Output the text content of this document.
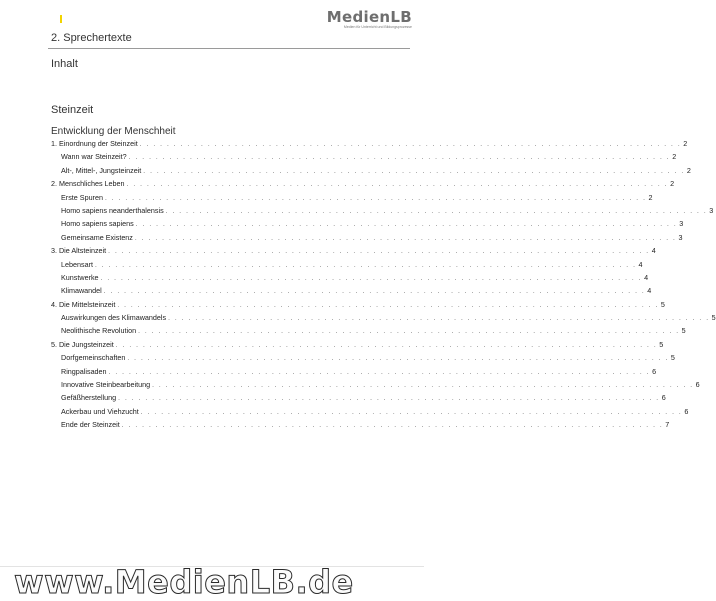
MedienLB
Medien für Unterricht und Bildungsprozesse
2. Sprechertexte
Inhalt
Steinzeit
Entwicklung der Menschheit
1. Einordnung der Steinzeit . . . . . . . . . . . . . . . . . . . . . . . . . . . . . . . . . . . . . . . . . . . . . . . . . . . . . . . . . . . . . . . . . . . . . . . . . . . . . . . . 2
Wann war Steinzeit? . . . . . . . . . . . . . . . . . . . . . . . . . . . . . . . . . . . . . . . . . . . . . . . . . . . . . . . . . . . . . . . . . . . . . . . . . . . . . . . . 2
Alt-, Mittel-, Jungsteinzeit . . . . . . . . . . . . . . . . . . . . . . . . . . . . . . . . . . . . . . . . . . . . . . . . . . . . . . . . . . . . . . . . . . . . . . . . . . . . . . . . 2
2. Menschliches Leben . . . . . . . . . . . . . . . . . . . . . . . . . . . . . . . . . . . . . . . . . . . . . . . . . . . . . . . . . . . . . . . . . . . . . . . . . . . . . . . . 2
Erste Spuren . . . . . . . . . . . . . . . . . . . . . . . . . . . . . . . . . . . . . . . . . . . . . . . . . . . . . . . . . . . . . . . . . . . . . . . . . . . . . . . . 2
Homo sapiens neanderthalensis . . . . . . . . . . . . . . . . . . . . . . . . . . . . . . . . . . . . . . . . . . . . . . . . . . . . . . . . . . . . . . . . . . . . . . . . . . . . . . . . 3
Homo sapiens sapiens . . . . . . . . . . . . . . . . . . . . . . . . . . . . . . . . . . . . . . . . . . . . . . . . . . . . . . . . . . . . . . . . . . . . . . . . . . . . . . . . 3
Gemeinsame Existenz . . . . . . . . . . . . . . . . . . . . . . . . . . . . . . . . . . . . . . . . . . . . . . . . . . . . . . . . . . . . . . . . . . . . . . . . . . . . . . . . 3
3. Die Altsteinzeit . . . . . . . . . . . . . . . . . . . . . . . . . . . . . . . . . . . . . . . . . . . . . . . . . . . . . . . . . . . . . . . . . . . . . . . . . . . . . . . . 4
Lebensart . . . . . . . . . . . . . . . . . . . . . . . . . . . . . . . . . . . . . . . . . . . . . . . . . . . . . . . . . . . . . . . . . . . . . . . . . . . . . . . . 4
Kunstwerke . . . . . . . . . . . . . . . . . . . . . . . . . . . . . . . . . . . . . . . . . . . . . . . . . . . . . . . . . . . . . . . . . . . . . . . . . . . . . . . . 4
Klimawandel . . . . . . . . . . . . . . . . . . . . . . . . . . . . . . . . . . . . . . . . . . . . . . . . . . . . . . . . . . . . . . . . . . . . . . . . . . . . . . . . 4
4. Die Mittelsteinzeit . . . . . . . . . . . . . . . . . . . . . . . . . . . . . . . . . . . . . . . . . . . . . . . . . . . . . . . . . . . . . . . . . . . . . . . . . . . . . . . . 5
Auswirkungen des Klimawandels . . . . . . . . . . . . . . . . . . . . . . . . . . . . . . . . . . . . . . . . . . . . . . . . . . . . . . . . . . . . . . . . . . . . . . . . . . . . . . . . 5
Neolithische Revolution . . . . . . . . . . . . . . . . . . . . . . . . . . . . . . . . . . . . . . . . . . . . . . . . . . . . . . . . . . . . . . . . . . . . . . . . . . . . . . . . 5
5. Die Jungsteinzeit . . . . . . . . . . . . . . . . . . . . . . . . . . . . . . . . . . . . . . . . . . . . . . . . . . . . . . . . . . . . . . . . . . . . . . . . . . . . . . . . 5
Dorfgemeinschaften . . . . . . . . . . . . . . . . . . . . . . . . . . . . . . . . . . . . . . . . . . . . . . . . . . . . . . . . . . . . . . . . . . . . . . . . . . . . . . . . 5
Ringpalisaden . . . . . . . . . . . . . . . . . . . . . . . . . . . . . . . . . . . . . . . . . . . . . . . . . . . . . . . . . . . . . . . . . . . . . . . . . . . . . . . . 6
Innovative Steinbearbeitung . . . . . . . . . . . . . . . . . . . . . . . . . . . . . . . . . . . . . . . . . . . . . . . . . . . . . . . . . . . . . . . . . . . . . . . . . . . . . . . . 6
Gefäßherstellung . . . . . . . . . . . . . . . . . . . . . . . . . . . . . . . . . . . . . . . . . . . . . . . . . . . . . . . . . . . . . . . . . . . . . . . . . . . . . . . . 6
Ackerbau und Viehzucht . . . . . . . . . . . . . . . . . . . . . . . . . . . . . . . . . . . . . . . . . . . . . . . . . . . . . . . . . . . . . . . . . . . . . . . . . . . . . . . . 6
Ende der Steinzeit . . . . . . . . . . . . . . . . . . . . . . . . . . . . . . . . . . . . . . . . . . . . . . . . . . . . . . . . . . . . . . . . . . . . . . . . . . . . . . . . 7
www.MedienLB.de
